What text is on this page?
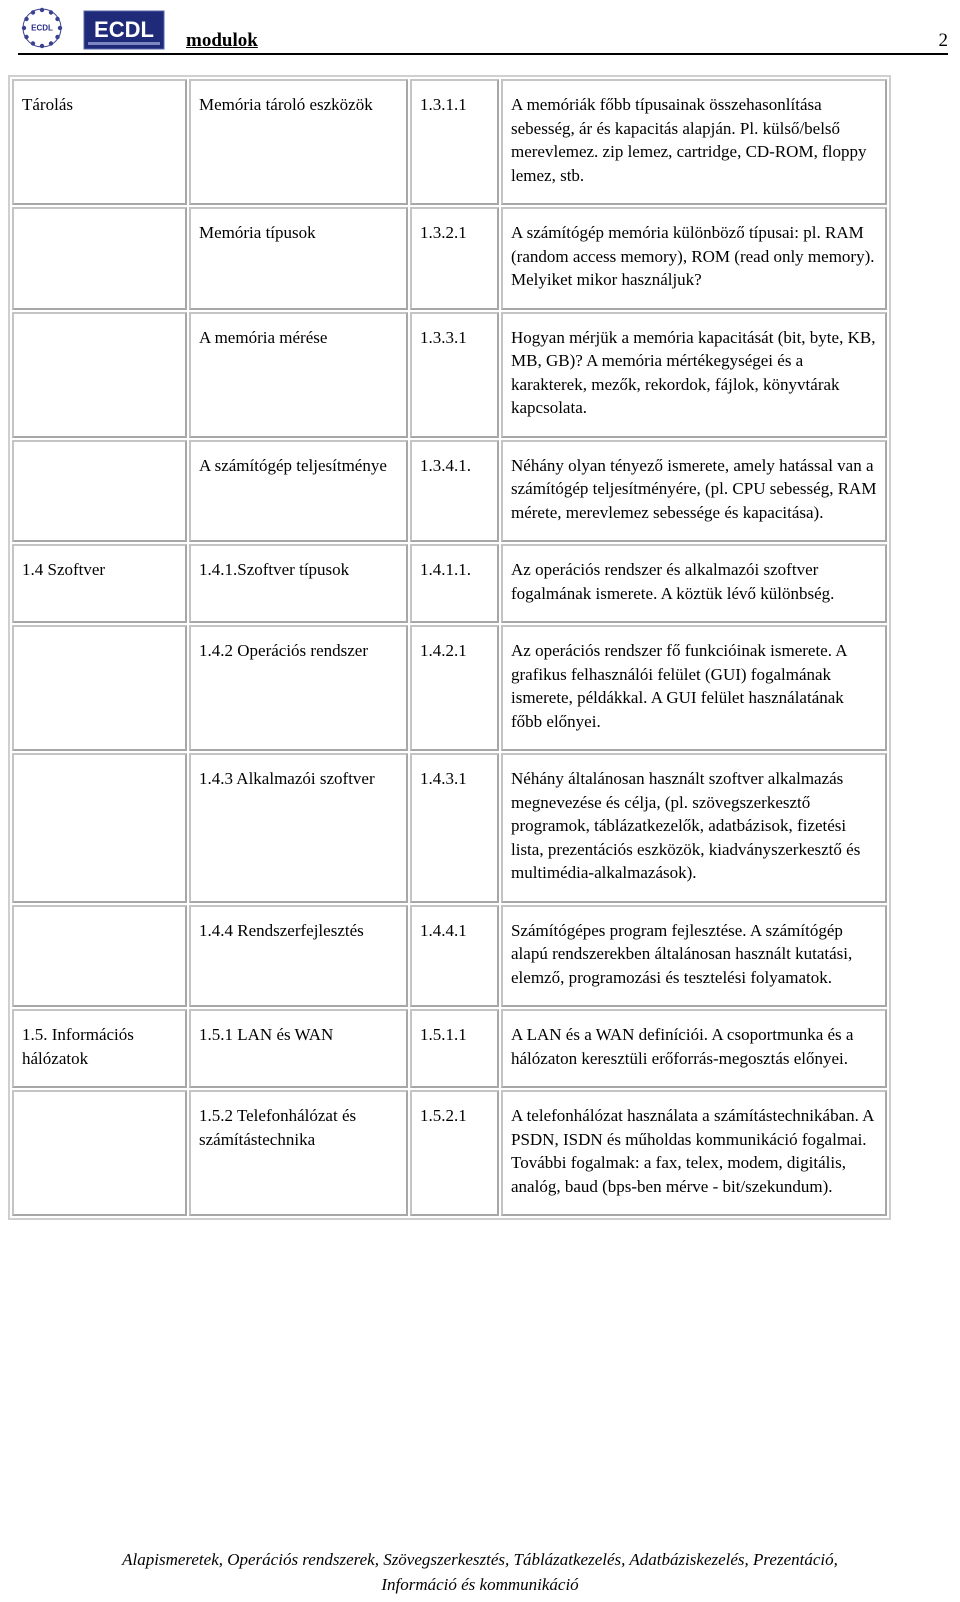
ECDL ECDL modulok	2
Tárolás	Memória tároló eszközök	1.3.1.1	A memóriák főbb típusainak összehasonlítása sebesség, ár és kapacitás alapján. Pl. külső/belső merevlemez. zip lemez, cartridge, CD-ROM, floppy lemez, stb.
	Memória típusok	1.3.2.1	A számítógép memória különböző típusai: pl. RAM (random access memory), ROM (read only memory). Melyiket mikor használjuk?
	A memória mérése	1.3.3.1	Hogyan mérjük a memória kapacitását (bit, byte, KB, MB, GB)? A memória mértékegységei és a karakterek, mezők, rekordok, fájlok, könyvtárak kapcsolata.
	A számítógép teljesítménye	1.3.4.1.	Néhány olyan tényező ismerete, amely hatással van a számítógép teljesítményére, (pl. CPU sebesség, RAM mérete, merevlemez sebessége és kapacitása).
1.4 Szoftver	1.4.1.Szoftver típusok	1.4.1.1.	Az operációs rendszer és alkalmazói szoftver fogalmának ismerete. A köztük lévő különbség.
	1.4.2 Operációs rendszer	1.4.2.1	Az operációs rendszer fő funkcióinak ismerete. A grafikus felhasználói felület (GUI) fogalmának ismerete, példákkal. A GUI felület használatának főbb előnyei.
	1.4.3 Alkalmazói szoftver	1.4.3.1	Néhány általánosan használt szoftver alkalmazás megnevezése és célja, (pl. szövegszerkesztő programok, táblázatkezelők, adatbázisok, fizetési lista, prezentációs eszközök, kiadványszerkesztő és multimédia-alkalmazások).
	1.4.4 Rendszerfejlesztés	1.4.4.1	Számítógépes program fejlesztése. A számítógép alapú rendszerekben általánosan használt kutatási, elemző, programozási és tesztelési folyamatok.
1.5. Információs hálózatok	1.5.1 LAN és WAN	1.5.1.1	A LAN és a WAN definíciói. A csoportmunka és a hálózaton keresztüli erőforrás-megosztás előnyei.
	1.5.2 Telefonhálózat és számítástechnika	1.5.2.1	A telefonhálózat használata a számítástechnikában. A PSDN, ISDN és műholdas kommunikáció fogalmai. További fogalmak: a fax, telex, modem, digitális, analóg, baud (bps-ben mérve - bit/szekundum).
Alapismeretek, Operációs rendszerek, Szövegszerkesztés, Táblázatkezelés, Adatbáziskezelés, Prezentáció,
Információ és kommunikáció
